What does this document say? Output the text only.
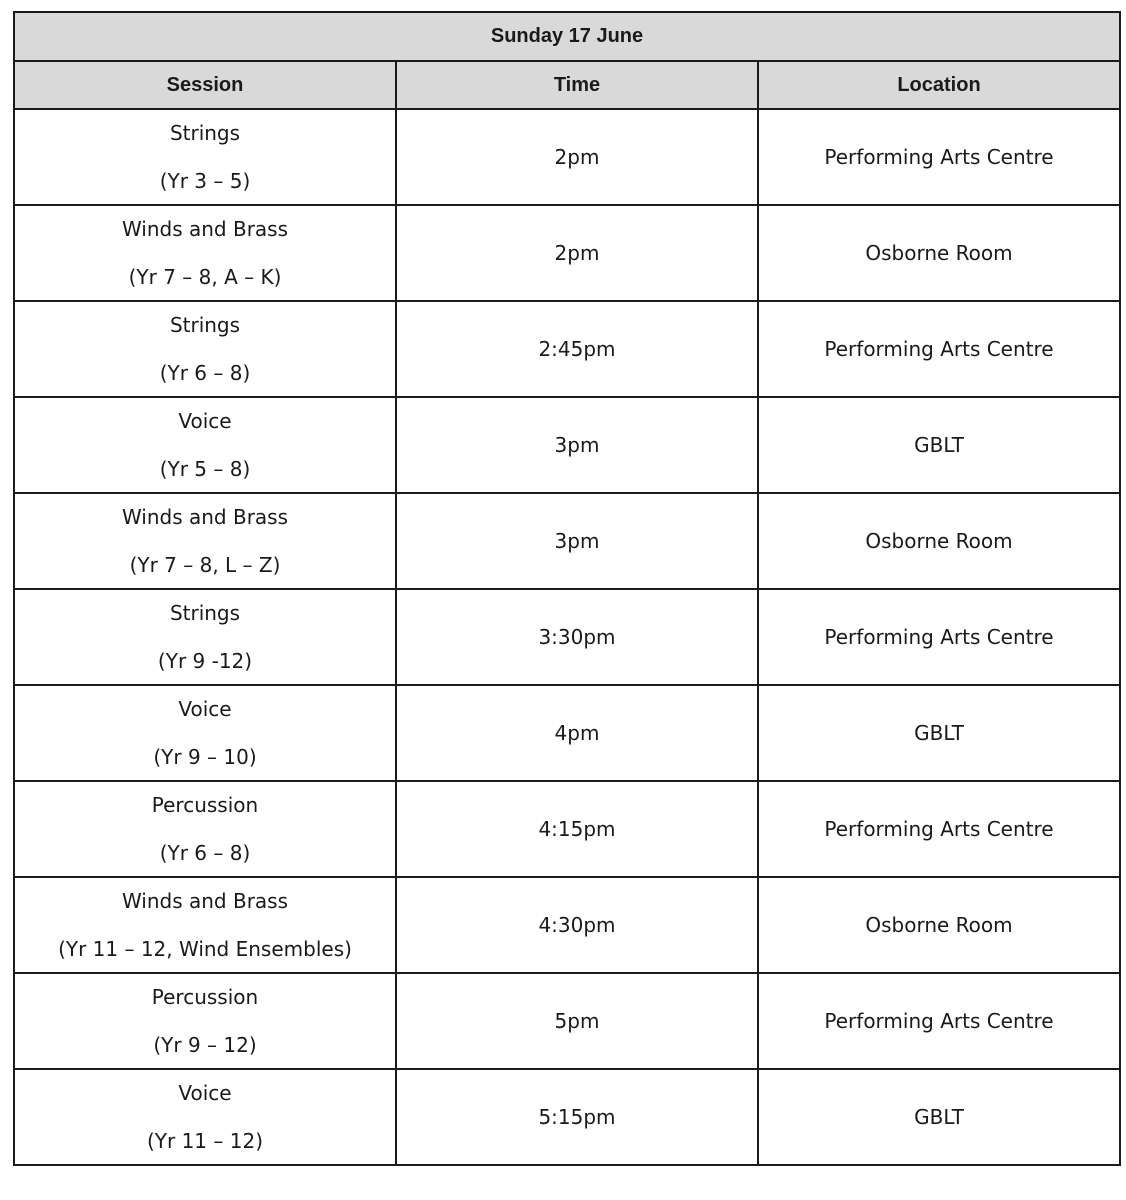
Sunday 17 June		
Session	Time	Location

Strings
(Yr 3 – 5)	2pm	Performing Arts Centre

Winds and Brass
(Yr 7 – 8, A – K)	2pm	Osborne Room

Strings
(Yr 6 – 8)	2:45pm	Performing Arts Centre

Voice
(Yr 5 – 8)	3pm	GBLT

Winds and Brass
(Yr 7 – 8, L – Z)	3pm	Osborne Room

Strings
(Yr 9 -12)	3:30pm	Performing Arts Centre

Voice
(Yr 9 – 10)	4pm	GBLT

Percussion
(Yr 6 – 8)	4:15pm	Performing Arts Centre

Winds and Brass
(Yr 11 – 12, Wind Ensembles)	4:30pm	Osborne Room

Percussion
(Yr 9 – 12)	5pm	Performing Arts Centre

Voice
(Yr 11 – 12)	5:15pm	GBLT
